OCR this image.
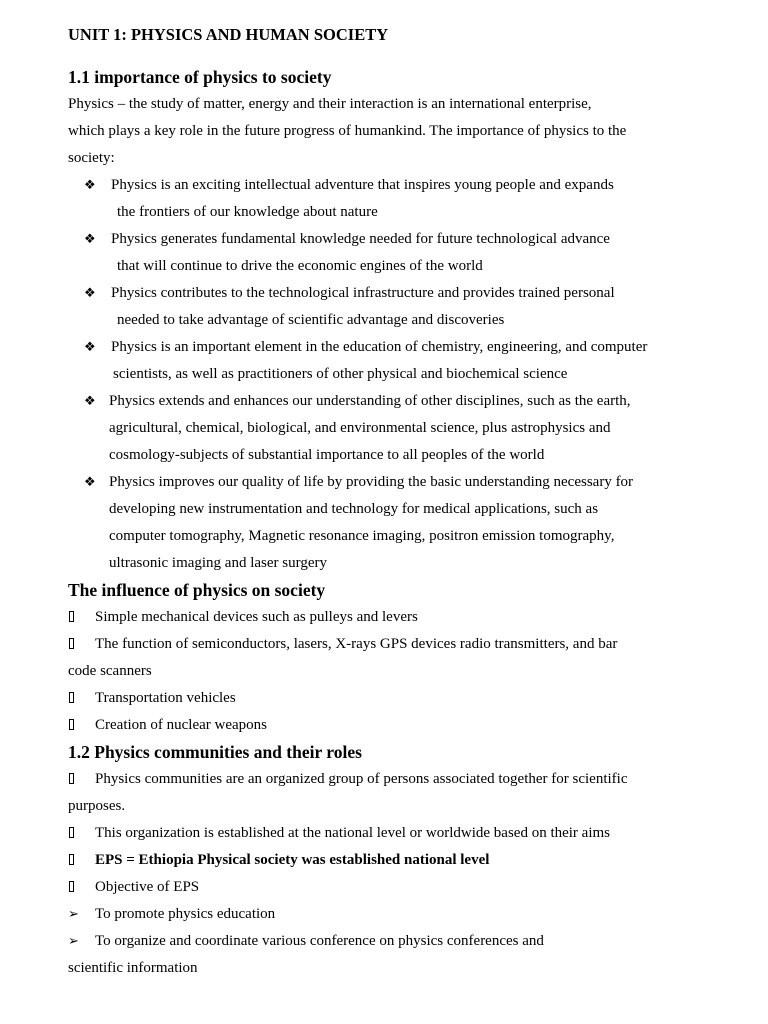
UNIT 1: PHYSICS AND HUMAN SOCIETY
1.1 importance of physics to society
Physics – the study of matter, energy and their interaction is an international enterprise,
which plays a key role in the future progress of humankind. The importance of physics to the
society:
❖	Physics is an exciting intellectual adventure that inspires young people and expands
the frontiers of our knowledge about nature
❖	Physics generates fundamental knowledge needed for future technological advance
that will continue to drive the economic engines of the world
❖	Physics contributes to the technological infrastructure and provides trained personal
needed to take advantage of scientific advantage and discoveries
❖	Physics is an important element in the education of chemistry, engineering, and computer
scientists, as well as practitioners of other physical and biochemical science
❖ Physics extends and enhances our understanding of other disciplines, such as the earth,
agricultural, chemical, biological, and environmental science, plus astrophysics and
cosmology-subjects of substantial importance to all peoples of the world
❖ Physics improves our quality of life by providing the basic understanding necessary for
developing new instrumentation and technology for medical applications, such as
computer tomography, Magnetic resonance imaging, positron emission tomography,
ultrasonic imaging and laser surgery
The influence of physics on society
Simple mechanical devices such as pulleys and levers
The function of semiconductors, lasers, X-rays GPS devices radio transmitters, and bar
code scanners
Transportation vehicles
Creation of nuclear weapons
1.2 Physics communities and their roles
Physics communities are an organized group of persons associated together for scientific
purposes.
This organization is established at the national level or worldwide based on their aims
EPS = Ethiopia Physical society was established national level
Objective of EPS
➢	To promote physics education
➢	To organize and coordinate various conference on physics conferences and
scientific information
